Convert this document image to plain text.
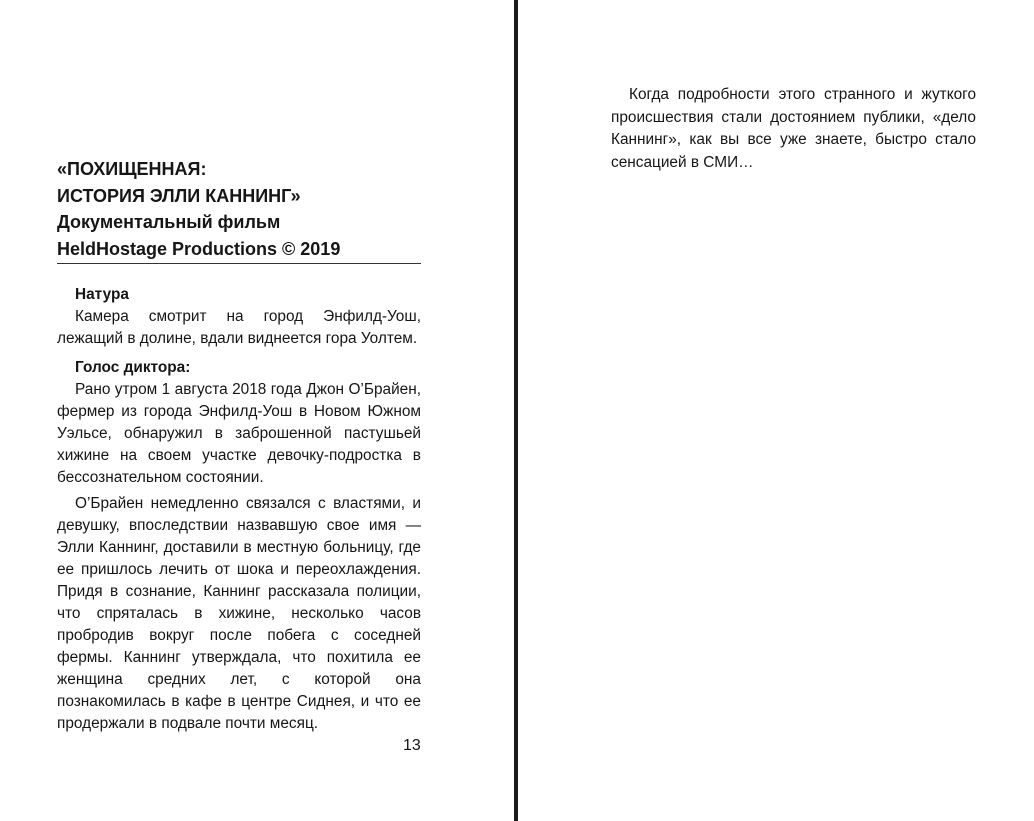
«ПОХИЩЕННАЯ:
ИСТОРИЯ ЭЛЛИ КАННИНГ»
Документальный фильм
HeldHostage Productions © 2019

Натура

Камера смотрит на город Энфилд-Уош, лежащий в долине, вдали виднеется гора Уолтем.

Голос диктора:

Рано утром 1 августа 2018 года Джон О’Брайен, фермер из города Энфилд-Уош в Новом Южном Уэльсе, обнаружил в заброшенной пастушьей хижине на своем участке девочку-подростка в бессознательном состоянии.

О’Брайен немедленно связался с властями, и девушку, впоследствии назвавшую свое имя — Элли Каннинг, доставили в местную больницу, где ее пришлось лечить от шока и переохлаждения. Придя в сознание, Каннинг рассказала полиции, что спряталась в хижине, несколько часов пробродив вокруг после побега с соседней фермы. Каннинг утверждала, что похитила ее женщина средних лет, с которой она познакомилась в кафе в центре Сиднея, и что ее продержали в подвале почти месяц.

13

Когда подробности этого странного и жуткого происшествия стали достоянием публики, «дело Каннинг», как вы все уже знаете, быстро стало сенсацией в СМИ…
